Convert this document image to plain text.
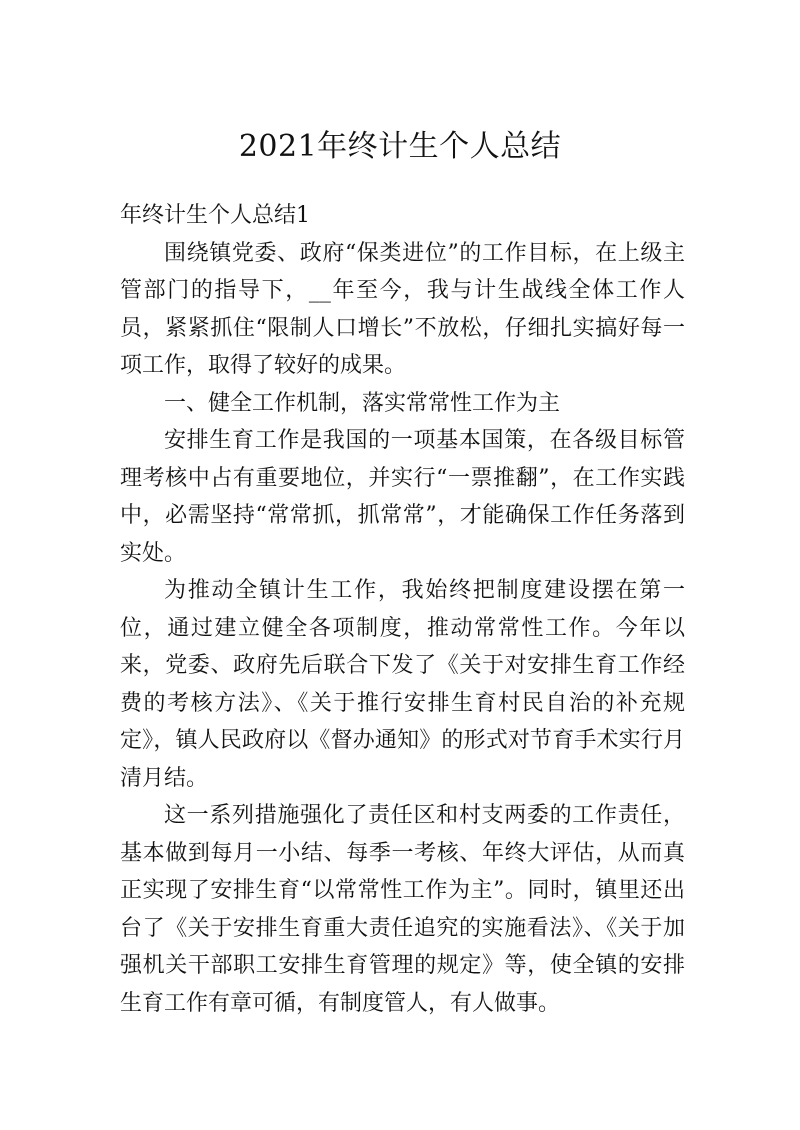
2021年终计生个人总结

年终计生个人总结1

围绕镇党委、政府“保类进位”的工作目标，在上级主管部门的指导下，__年至今，我与计生战线全体工作人员，紧紧抓住“限制人口增长”不放松，仔细扎实搞好每一项工作，取得了较好的成果。

一、健全工作机制，落实常常性工作为主

安排生育工作是我国的一项基本国策，在各级目标管理考核中占有重要地位，并实行“一票推翻”，在工作实践中，必需坚持“常常抓，抓常常”，才能确保工作任务落到实处。

为推动全镇计生工作，我始终把制度建设摆在第一位，通过建立健全各项制度，推动常常性工作。今年以来，党委、政府先后联合下发了《关于对安排生育工作经费的考核方法》、《关于推行安排生育村民自治的补充规定》，镇人民政府以《督办通知》的形式对节育手术实行月清月结。

这一系列措施强化了责任区和村支两委的工作责任，基本做到每月一小结、每季一考核、年终大评估，从而真正实现了安排生育“以常常性工作为主”。同时，镇里还出台了《关于安排生育重大责任追究的实施看法》、《关于加强机关干部职工安排生育管理的规定》等，使全镇的安排生育工作有章可循，有制度管人，有人做事。
